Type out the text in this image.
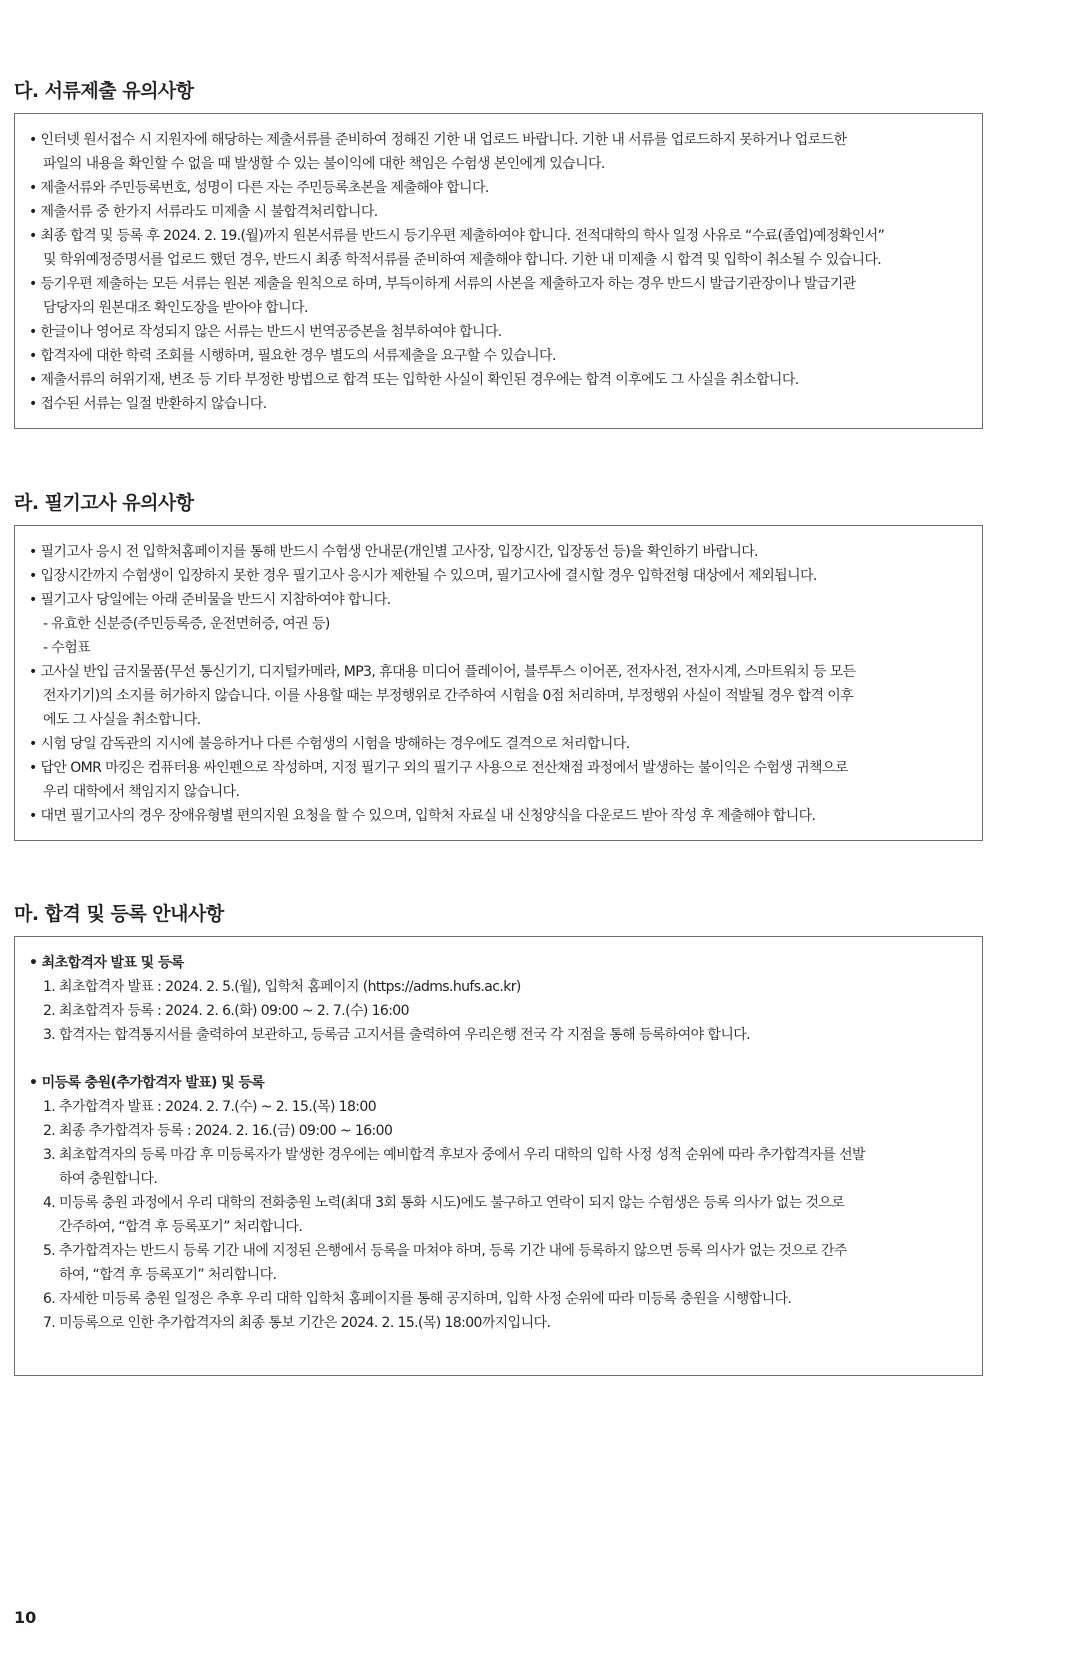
다. 서류제출 유의사항
• 인터넷 원서접수 시 지원자에 해당하는 제출서류를 준비하여 정해진 기한 내 업로드 바랍니다. 기한 내 서류를 업로드하지 못하거나 업로드한
파일의 내용을 확인할 수 없을 때 발생할 수 있는 불이익에 대한 책임은 수험생 본인에게 있습니다.
• 제출서류와 주민등록번호, 성명이 다른 자는 주민등록초본을 제출해야 합니다.
• 제출서류 중 한가지 서류라도 미제출 시 불합격처리합니다.
• 최종 합격 및 등록 후 2024. 2. 19.(월)까지 원본서류를 반드시 등기우편 제출하여야 합니다. 전적대학의 학사 일정 사유로 “수료(졸업)예정확인서”
및 학위예정증명서를 업로드 했던 경우, 반드시 최종 학적서류를 준비하여 제출해야 합니다. 기한 내 미제출 시 합격 및 입학이 취소될 수 있습니다.
• 등기우편 제출하는 모든 서류는 원본 제출을 원칙으로 하며, 부득이하게 서류의 사본을 제출하고자 하는 경우 반드시 발급기관장이나 발급기관
담당자의 원본대조 확인도장을 받아야 합니다.
• 한글이나 영어로 작성되지 않은 서류는 반드시 번역공증본을 첨부하여야 합니다.
• 합격자에 대한 학력 조회를 시행하며, 필요한 경우 별도의 서류제출을 요구할 수 있습니다.
• 제출서류의 허위기재, 변조 등 기타 부정한 방법으로 합격 또는 입학한 사실이 확인된 경우에는 합격 이후에도 그 사실을 취소합니다.
• 접수된 서류는 일절 반환하지 않습니다.
라. 필기고사 유의사항
• 필기고사 응시 전 입학처홈페이지를 통해 반드시 수험생 안내문(개인별 고사장, 입장시간, 입장동선 등)을 확인하기 바랍니다.
• 입장시간까지 수험생이 입장하지 못한 경우 필기고사 응시가 제한될 수 있으며, 필기고사에 결시할 경우 입학전형 대상에서 제외됩니다.
• 필기고사 당일에는 아래 준비물을 반드시 지참하여야 합니다.
- 유효한 신분증(주민등록증, 운전면허증, 여권 등)
- 수험표
• 고사실 반입 금지물품(무선 통신기기, 디지털카메라, MP3, 휴대용 미디어 플레이어, 블루투스 이어폰, 전자사전, 전자시계, 스마트워치 등 모든
전자기기)의 소지를 허가하지 않습니다. 이를 사용할 때는 부정행위로 간주하여 시험을 0점 처리하며, 부정행위 사실이 적발될 경우 합격 이후
에도 그 사실을 취소합니다.
• 시험 당일 감독관의 지시에 불응하거나 다른 수험생의 시험을 방해하는 경우에도 결격으로 처리합니다.
• 답안 OMR 마킹은 컴퓨터용 싸인펜으로 작성하며, 지정 필기구 외의 필기구 사용으로 전산채점 과정에서 발생하는 불이익은 수험생 귀책으로
우리 대학에서 책임지지 않습니다.
• 대면 필기고사의 경우 장애유형별 편의지원 요청을 할 수 있으며, 입학처 자료실 내 신청양식을 다운로드 받아 작성 후 제출해야 합니다.
마. 합격 및 등록 안내사항
• 최초합격자 발표 및 등록
1. 최초합격자 발표 : 2024. 2. 5.(월), 입학처 홈페이지 (https://adms.hufs.ac.kr)
2. 최초합격자 등록 : 2024. 2. 6.(화) 09:00 ~ 2. 7.(수) 16:00
3. 합격자는 합격통지서를 출력하여 보관하고, 등록금 고지서를 출력하여 우리은행 전국 각 지점을 통해 등록하여야 합니다.
• 미등록 충원(추가합격자 발표) 및 등록
1. 추가합격자 발표 : 2024. 2. 7.(수) ~ 2. 15.(목) 18:00
2. 최종 추가합격자 등록 : 2024. 2. 16.(금) 09:00 ~ 16:00
3. 최초합격자의 등록 마감 후 미등록자가 발생한 경우에는 예비합격 후보자 중에서 우리 대학의 입학 사정 성적 순위에 따라 추가합격자를 선발
하여 충원합니다.
4. 미등록 충원 과정에서 우리 대학의 전화충원 노력(최대 3회 통화 시도)에도 불구하고 연락이 되지 않는 수험생은 등록 의사가 없는 것으로
간주하여, “합격 후 등록포기” 처리합니다.
5. 추가합격자는 반드시 등록 기간 내에 지정된 은행에서 등록을 마쳐야 하며, 등록 기간 내에 등록하지 않으면 등록 의사가 없는 것으로 간주
하여, “합격 후 등록포기” 처리합니다.
6. 자세한 미등록 충원 일정은 추후 우리 대학 입학처 홈페이지를 통해 공지하며, 입학 사정 순위에 따라 미등록 충원을 시행합니다.
7. 미등록으로 인한 추가합격자의 최종 통보 기간은 2024. 2. 15.(목) 18:00까지입니다.
10
